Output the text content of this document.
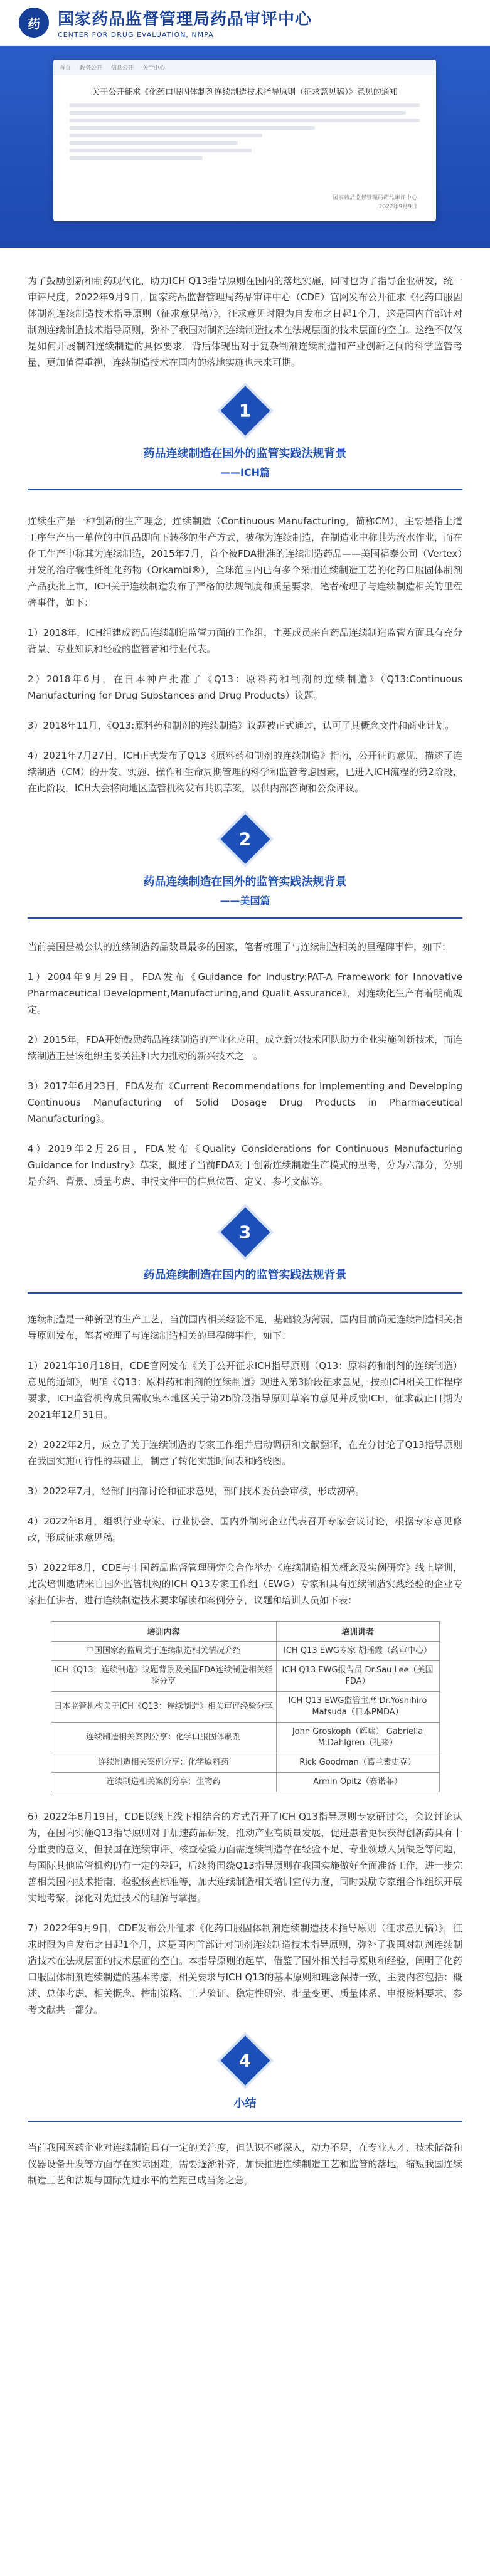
药	国家药品监督管理局药品审评中心
CENTER FOR DRUG EVALUATION, NMPA
首页 政务公开 信息公开 关于中心
关于公开征求《化药口服固体制剂连续制造技术指导原则（征求意见稿）》意见的通知
国家药品监督管理局药品审评中心
2022年9月9日

为了鼓励创新和制药现代化，助力ICH Q13指导原则在国内的落地实施，同时也为了指导企业研发，统一审评尺度，2022年9月9日，国家药品监督管理局药品审评中心（CDE）官网发布公开征求《化药口服固体制剂连续制造技术指导原则（征求意见稿）》，征求意见时限为自发布之日起1个月，这是国内首部针对制剂连续制造技术指导原则，弥补了我国对制剂连续制造技术在法规层面的技术层面的空白。这绝不仅仅是如何开展制剂连续制造的具体要求，背后体现出对于复杂制剂连续制造和产业创新之间的科学监管考量，更加值得重视，连续制造技术在国内的落地实施也未来可期。

1
药品连续制造在国外的监管实践法规背景
——ICH篇

连续生产是一种创新的生产理念，连续制造（Continuous Manufacturing，简称CM），主要是指上道工序生产出一单位的中间品即向下转移的生产方式，被称为连续制造，在制造业中称其为流水作业，而在化工生产中称其为连续制造，2015年7月，首个被FDA批准的连续制造药品——美国福泰公司（Vertex）开发的治疗囊性纤维化药物（Orkambi®），全球范围内已有多个采用连续制造工艺的化药口服固体制剂产品获批上市，ICH关于连续制造发布了严格的法规制度和质量要求，笔者梳理了与连续制造相关的里程碑事件，如下：

1）2018年，ICH组建成药品连续制造监管力面的工作组，主要成员来自药品连续制造监管方面具有充分背景、专业知识和经验的监管者和行业代表。

2）2018年6月，在日本神户批准了《Q13：原料药和制剂的连续制造》（Q13:Continuous Manufacturing for Drug Substances and Drug Products）议题。

3）2018年11月，《Q13:原料药和制剂的连续制造》议题被正式通过，认可了其概念文件和商业计划。

4）2021年7月27日，ICH正式发布了Q13《原料药和制剂的连续制造》指南，公开征询意见，描述了连续制造（CM）的开发、实施、操作和生命周期管理的科学和监管考虑因素，已进入ICH流程的第2阶段，在此阶段，ICH大会将向地区监管机构发布共识草案，以供内部咨询和公众评议。

2
药品连续制造在国外的监管实践法规背景
——美国篇

当前美国是被公认的连续制造药品数量最多的国家，笔者梳理了与连续制造相关的里程碑事件，如下：

1）2004年9月29日，FDA发布《Guidance for Industry:PAT-A Framework for Innovative Pharmaceutical Development,Manufacturing,and Qualit Assurance》，对连续化生产有着明确规定。

2）2015年，FDA开始鼓励药品连续制造的产业化应用，成立新兴技术团队助力企业实施创新技术，而连续制造正是该组织主要关注和大力推动的新兴技术之一。

3）2017年6月23日，FDA发布《Current Recommendations for Implementing and Developing Continuous Manufacturing of Solid Dosage Drug Products in Pharmaceutical Manufacturing》。

4）2019年2月26日，FDA发布《Quality Considerations for Continuous Manufacturing Guidance for Industry》草案，概述了当前FDA对于创新连续制造生产模式的思考，分为六部分，分别是介绍、背景、质量考虑、申报文件中的信息位置、定义、参考文献等。

3
药品连续制造在国内的监管实践法规背景

连续制造是一种新型的生产工艺，当前国内相关经验不足，基础较为薄弱，国内目前尚无连续制造相关指导原则发布，笔者梳理了与连续制造相关的里程碑事件，如下：

1）2021年10月18日，CDE官网发布《关于公开征求ICH指导原则（Q13：原料药和制剂的连续制造）意见的通知》，明确《Q13：原料药和制剂的连续制造》现进入第3阶段征求意见，按照ICH相关工作程序要求，ICH监管机构成员需收集本地区关于第2b阶段指导原则草案的意见并反馈ICH，征求截止日期为2021年12月31日。

2）2022年2月，成立了关于连续制造的专家工作组并启动调研和文献翻译，在充分讨论了Q13指导原则在我国实施可行性的基础上，制定了转化实施时间表和路线图。

3）2022年7月，经部门内部讨论和征求意见，部门技术委员会审核，形成初稿。

4）2022年8月，组织行业专家、行业协会、国内外制药企业代表召开专家会议讨论，根据专家意见修改，形成征求意见稿。

5）2022年8月，CDE与中国药品监督管理研究会合作举办《连续制造相关概念及实例研究》线上培训，此次培训邀请来自国外监管机构的ICH Q13专家工作组（EWG）专家和具有连续制造实践经验的企业专家担任讲者，进行连续制造技术要求解读和案例分享，议题和培训人员如下表：

培训内容	培训讲者
中国国家药监局关于连续制造相关情况介绍	ICH Q13 EWG专家 胡瑶霞（药审中心）
ICH《Q13：连续制造》议题背景及美国FDA连续制造相关经验分享	ICH Q13 EWG报告员 Dr.Sau Lee（美国FDA）
日本监管机构关于ICH《Q13：连续制造》相关审评经验分享	ICH Q13 EWG监管主席 Dr.Yoshihiro Matsuda（日本PMDA）
连续制造相关案例分享：化学口服固体制剂	John Groskoph（辉瑞） Gabriella M.Dahlgren（礼来）
连续制造相关案例分享：化学原料药	Rick Goodman（葛兰素史克）
连续制造相关案例分享：生物药	Armin Opitz（赛诺菲）

6）2022年8月19日，CDE以线上线下相结合的方式召开了ICH Q13指导原则专家研讨会，会议讨论认为，在国内实施Q13指导原则对于加速药品研发，推动产业高质量发展，促进患者更快获得创新药具有十分重要的意义，但我国在连续审评、核查检验力面需连续制造存在经验不足、专业领域人员缺乏等问题，与国际其他监管机构仍有一定的差距，后续将围绕Q13指导原则在我国实施做好全面准备工作，进一步完善相关国内技术指南、检验核查标准等，加大连续制造相关培训宣传力度，同时鼓励专家组合作组织开展实地考察，深化对先进技术的理解与掌握。

7）2022年9月9日，CDE发布公开征求《化药口服固体制剂连续制造技术指导原则（征求意见稿）》，征求时限为自发布之日起1个月，这是国内首部针对制剂连续制造技术指导原则，弥补了我国对制剂连续制造技术在法规层面的技术层面的空白。本指导原则的起草，借鉴了国外相关指导原则和经验，阐明了化药口服固体制剂连续制造的基本考虑，相关要求与ICH Q13的基本原则和理念保持一致，主要内容包括：概述、总体考虑、相关概念、控制策略、工艺验证、稳定性研究、批量变更、质量体系、申报资料要求、参考文献共十部分。

4
小结

当前我国医药企业对连续制造具有一定的关注度，但认识不够深入，动力不足，在专业人才、技术储备和仪器设备开发等方面存在实际困难，需要逐渐补齐，加快推进连续制造工艺和监管的落地，缩短我国连续制造工艺和法规与国际先进水平的差距已成当务之急。
